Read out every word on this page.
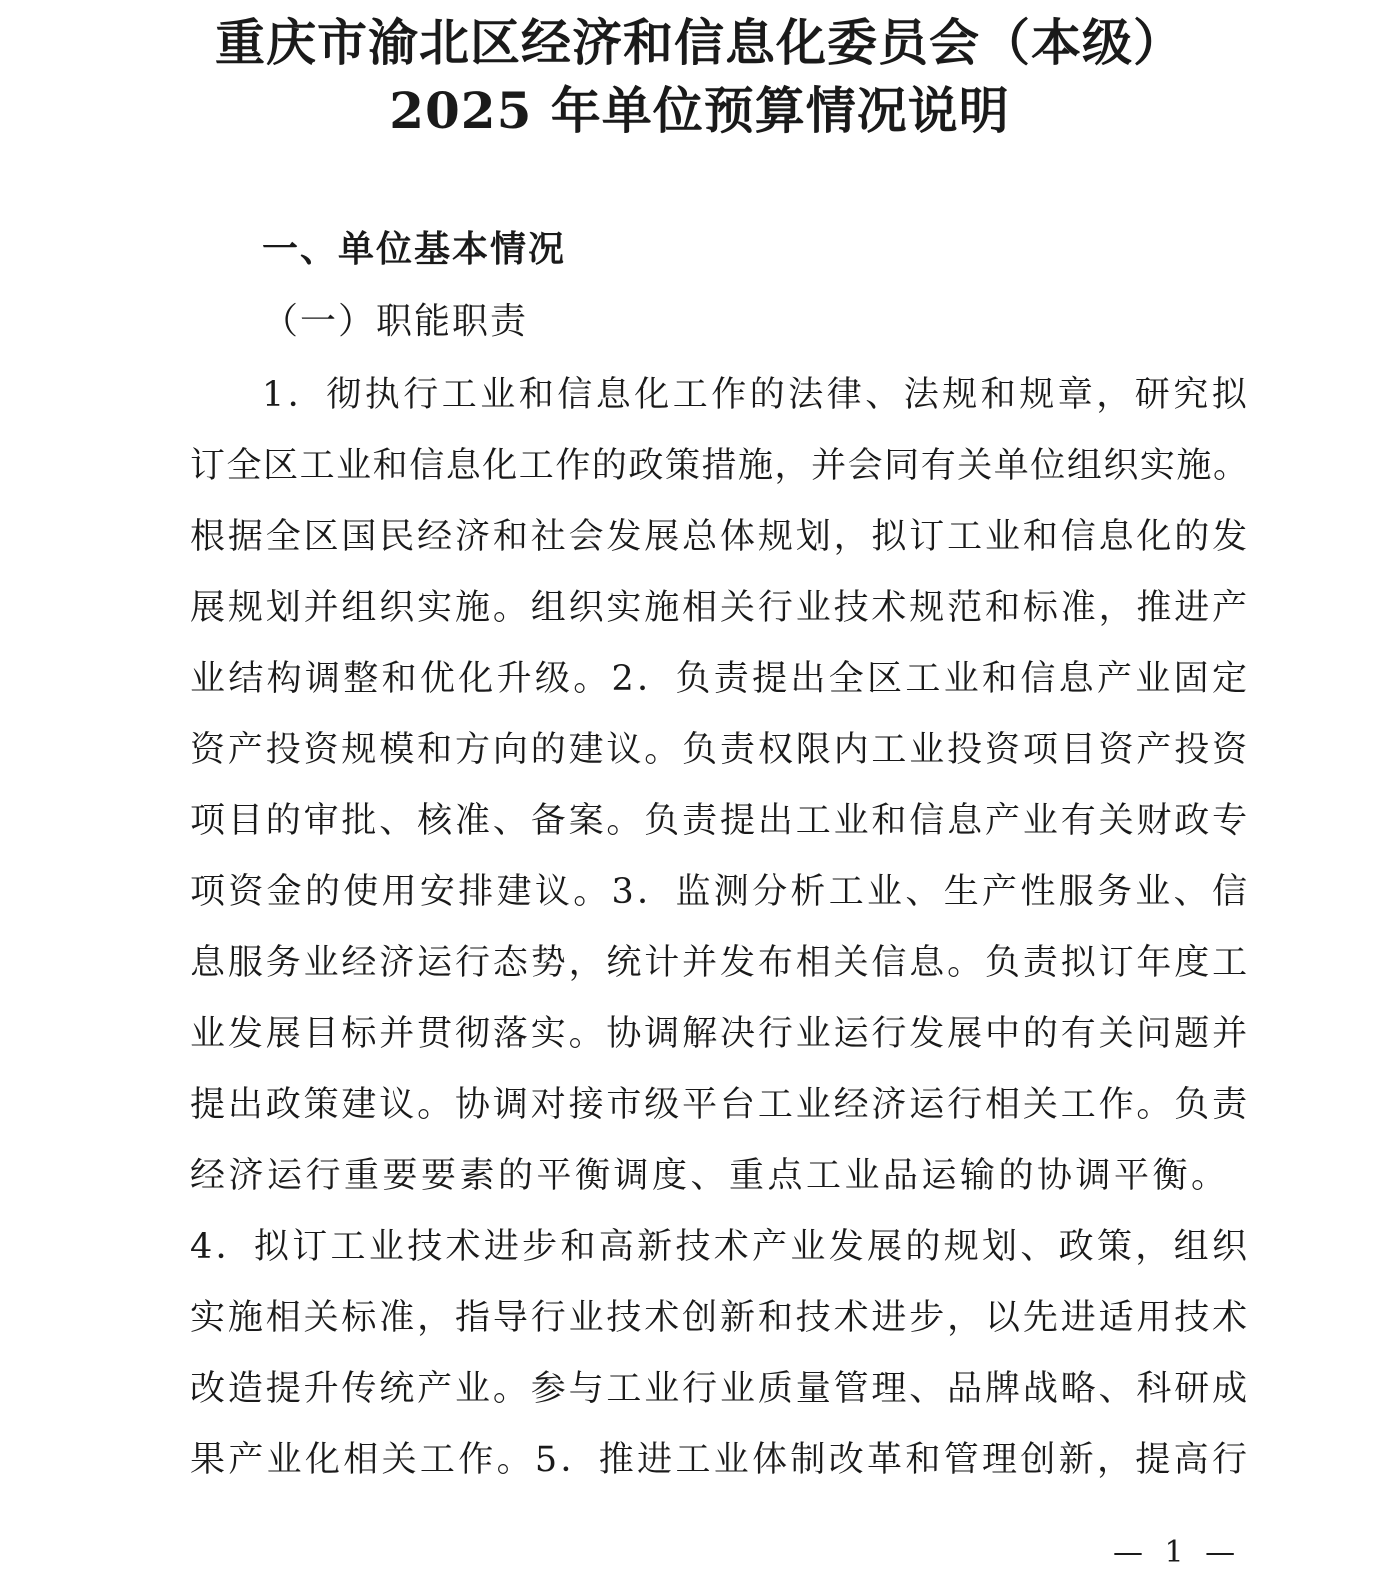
重庆市渝北区经济和信息化委员会（本级）
2025 年单位预算情况说明
一、单位基本情况
（一）职能职责
1．彻执行工业和信息化工作的法律、法规和规章，研究拟
订全区工业和信息化工作的政策措施，并会同有关单位组织实施。
根据全区国民经济和社会发展总体规划，拟订工业和信息化的发
展规划并组织实施。组织实施相关行业技术规范和标准，推进产
业结构调整和优化升级。2．负责提出全区工业和信息产业固定
资产投资规模和方向的建议。负责权限内工业投资项目资产投资
项目的审批、核准、备案。负责提出工业和信息产业有关财政专
项资金的使用安排建议。3．监测分析工业、生产性服务业、信
息服务业经济运行态势，统计并发布相关信息。负责拟订年度工
业发展目标并贯彻落实。协调解决行业运行发展中的有关问题并
提出政策建议。协调对接市级平台工业经济运行相关工作。负责
经济运行重要要素的平衡调度、重点工业品运输的协调平衡。
4．拟订工业技术进步和高新技术产业发展的规划、政策，组织
实施相关标准，指导行业技术创新和技术进步，以先进适用技术
改造提升传统产业。参与工业行业质量管理、品牌战略、科研成
果产业化相关工作。5．推进工业体制改革和管理创新，提高行
— 1 —
